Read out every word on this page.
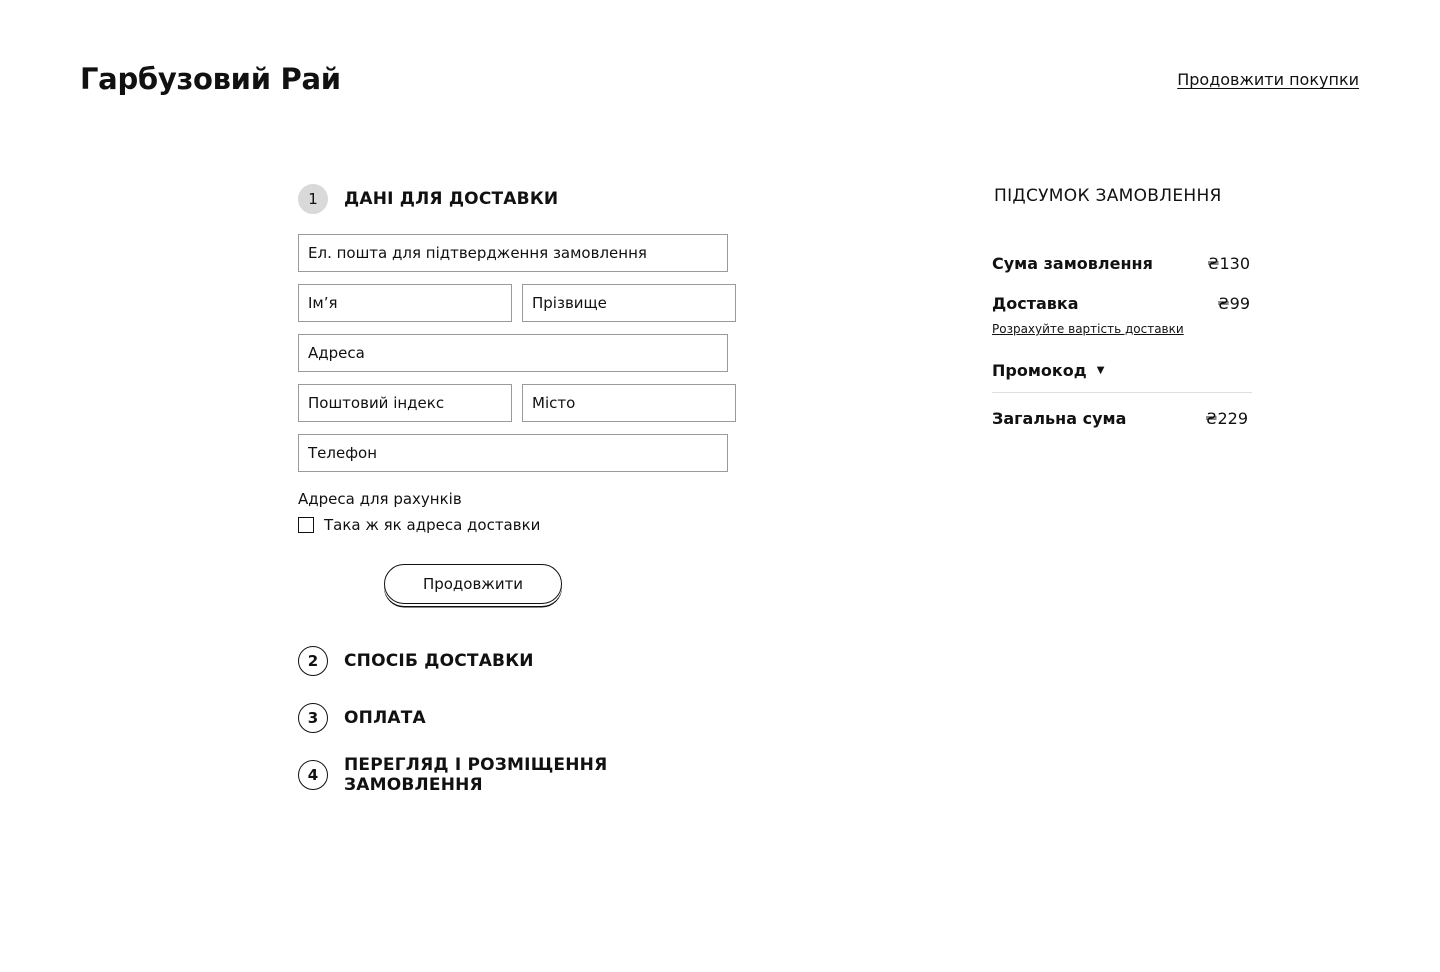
Гарбузовий Рай	Продовжити покупки
1	ДАНІ ДЛЯ ДОСТАВКИ
Ел. пошта для підтвердження замовлення
Ім’я
Прізвище
Адреса
Поштовий індекс
Місто
Телефон
Адреса для рахунків
Така ж як адреса доставки
Продовжити
2	СПОСІБ ДОСТАВКИ
3	ОПЛАТА
4	ПЕРЕГЛЯД І РОЗМІЩЕННЯ ЗАМОВЛЕННЯ
ПІДСУМОК ЗАМОВЛЕННЯ
Сума замовлення	₴130
Доставка	₴99
Розрахуйте вартість доставки
Промокод ▼
Загальна сума	₴229
